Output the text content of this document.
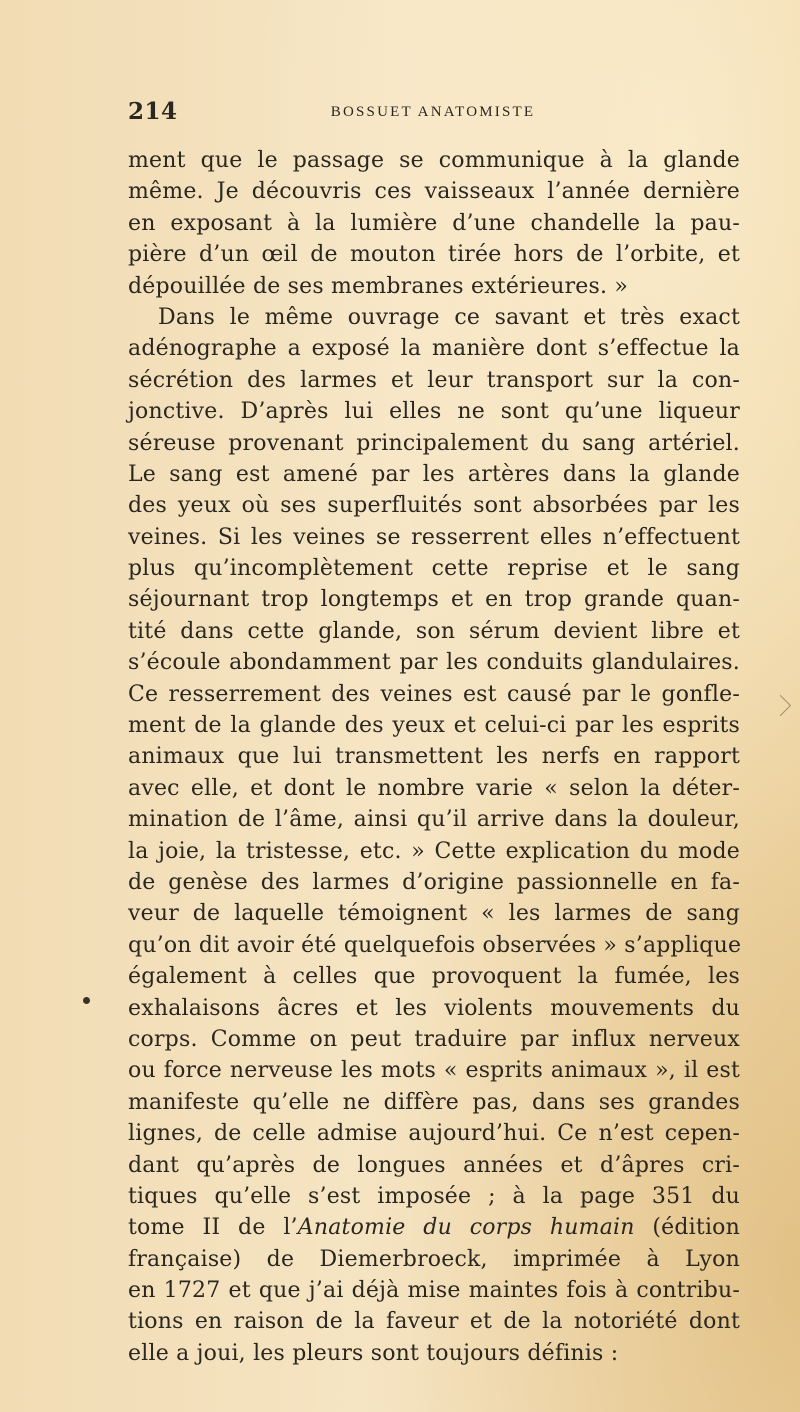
214	BOSSUET ANATOMISTE
ment que le passage se communique à la glande
même. Je découvris ces vaisseaux l’année dernière
en exposant à la lumière d’une chandelle la pau-
pière d’un œil de mouton tirée hors de l’orbite, et
dépouillée de ses membranes extérieures. »
Dans le même ouvrage ce savant et très exact
adénographe a exposé la manière dont s’effectue la
sécrétion des larmes et leur transport sur la con-
jonctive. D’après lui elles ne sont qu’une liqueur
séreuse provenant principalement du sang artériel.
Le sang est amené par les artères dans la glande
des yeux où ses superfluités sont absorbées par les
veines. Si les veines se resserrent elles n’effectuent
plus qu’incomplètement cette reprise et le sang
séjournant trop longtemps et en trop grande quan-
tité dans cette glande, son sérum devient libre et
s’écoule abondamment par les conduits glandulaires.
Ce resserrement des veines est causé par le gonfle-
ment de la glande des yeux et celui-ci par les esprits
animaux que lui transmettent les nerfs en rapport
avec elle, et dont le nombre varie « selon la déter-
mination de l’âme, ainsi qu’il arrive dans la douleur,
la joie, la tristesse, etc. » Cette explication du mode
de genèse des larmes d’origine passionnelle en fa-
veur de laquelle témoignent « les larmes de sang
qu’on dit avoir été quelquefois observées » s’applique
également à celles que provoquent la fumée, les
exhalaisons âcres et les violents mouvements du
corps. Comme on peut traduire par influx nerveux
ou force nerveuse les mots « esprits animaux », il est
manifeste qu’elle ne diffère pas, dans ses grandes
lignes, de celle admise aujourd’hui. Ce n’est cepen-
dant qu’après de longues années et d’âpres cri-
tiques qu’elle s’est imposée ; à la page 351 du
tome II de l’Anatomie du corps humain (édition
française) de Diemerbroeck, imprimée à Lyon
en 1727 et que j’ai déjà mise maintes fois à contribu-
tions en raison de la faveur et de la notoriété dont
elle a joui, les pleurs sont toujours définis :
